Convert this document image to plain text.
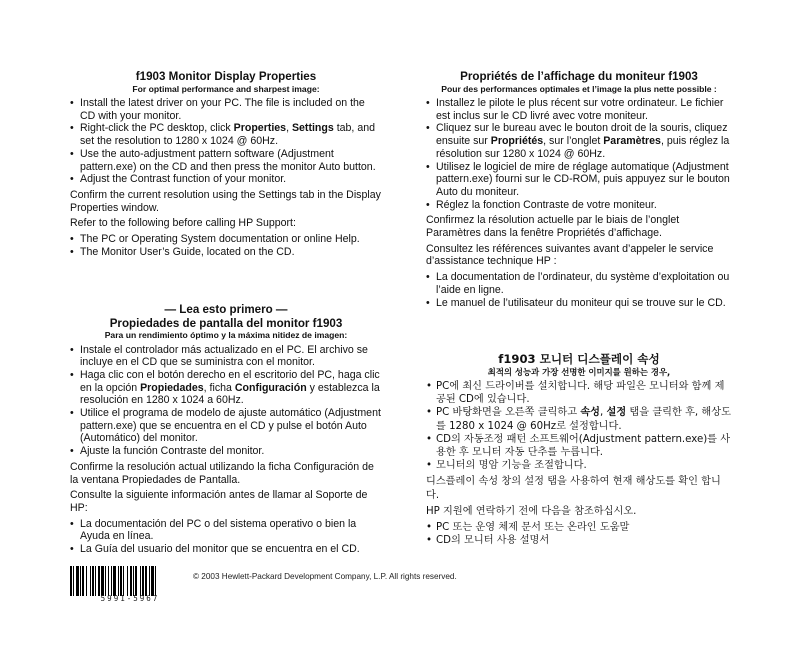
f1903 Monitor Display Properties
For optimal performance and sharpest image:
• Install the latest driver on your PC. The file is included on the CD with your monitor.
• Right-click the PC desktop, click Properties, Settings tab, and set the resolution to 1280 x 1024 @ 60Hz.
• Use the auto-adjustment pattern software (Adjustment pattern.exe) on the CD and then press the monitor Auto button.
• Adjust the Contrast function of your monitor.

Confirm the current resolution using the Settings tab in the Display Properties window.

Refer to the following before calling HP Support:

• The PC or Operating System documentation or online Help.
• The Monitor User’s Guide, located on the CD.
Propriétés de l’affichage du moniteur f1903
Pour des performances optimales et l’image la plus nette possible :
• Installez le pilote le plus récent sur votre ordinateur. Le fichier est inclus sur le CD livré avec votre moniteur.
• Cliquez sur le bureau avec le bouton droit de la souris, cliquez ensuite sur Propriétés, sur l’onglet Paramètres, puis réglez la résolution sur 1280 x 1024 @ 60Hz.
• Utilisez le logiciel de mire de réglage automatique (Adjustment pattern.exe) fourni sur le CD-ROM, puis appuyez sur le bouton Auto du moniteur.
• Réglez la fonction Contraste de votre moniteur.

Confirmez la résolution actuelle par le biais de l’onglet Paramètres dans la fenêtre Propriétés d’affichage.

Consultez les références suivantes avant d’appeler le service d’assistance technique HP :

• La documentation de l’ordinateur, du système d’exploitation ou l’aide en ligne.
• Le manuel de l’utilisateur du moniteur qui se trouve sur le CD.
— Lea esto primero —
Propiedades de pantalla del monitor f1903
Para un rendimiento óptimo y la máxima nitidez de imagen:
• Instale el controlador más actualizado en el PC. El archivo se incluye en el CD que se suministra con el monitor.
• Haga clic con el botón derecho en el escritorio del PC, haga clic en la opción Propiedades, ficha Configuración y establezca la resolución en 1280 x 1024 a 60Hz.
• Utilice el programa de modelo de ajuste automático (Adjustment pattern.exe) que se encuentra en el CD y pulse el botón Auto (Automático) del monitor.
• Ajuste la función Contraste del monitor.

Confirme la resolución actual utilizando la ficha Configuración de la ventana Propiedades de Pantalla.

Consulte la siguiente información antes de llamar al Soporte de HP:

• La documentación del PC o del sistema operativo o bien la Ayuda en línea.
• La Guía del usuario del monitor que se encuentra en el CD.
f1903 모니터 디스플레이 속성
최적의 성능과 가장 선명한 이미지를 원하는 경우,
• PC에 최신 드라이버를 설치합니다. 해당 파일은 모니터와 함께 제공된 CD에 있습니다.
• PC 바탕화면을 오른쪽 클릭하고 속성, 설정 탭을 클릭한 후, 해상도를 1280 x 1024 @ 60Hz로 설정합니다.
• CD의 자동조정 패턴 소프트웨어(Adjustment pattern.exe)를 사용한 후 모니터 자동 단추를 누릅니다.
• 모니터의 명암 기능을 조절합니다.

디스플레이 속성 창의 설정 탭을 사용하여 현재 해상도를 확인 합니다.

HP 지원에 연락하기 전에 다음을 참조하십시오.

• PC 또는 운영 체제 문서 또는 온라인 도움말
• CD의 모니터 사용 설명서
5991-5967
© 2003 Hewlett-Packard Development Company, L.P. All rights reserved.
